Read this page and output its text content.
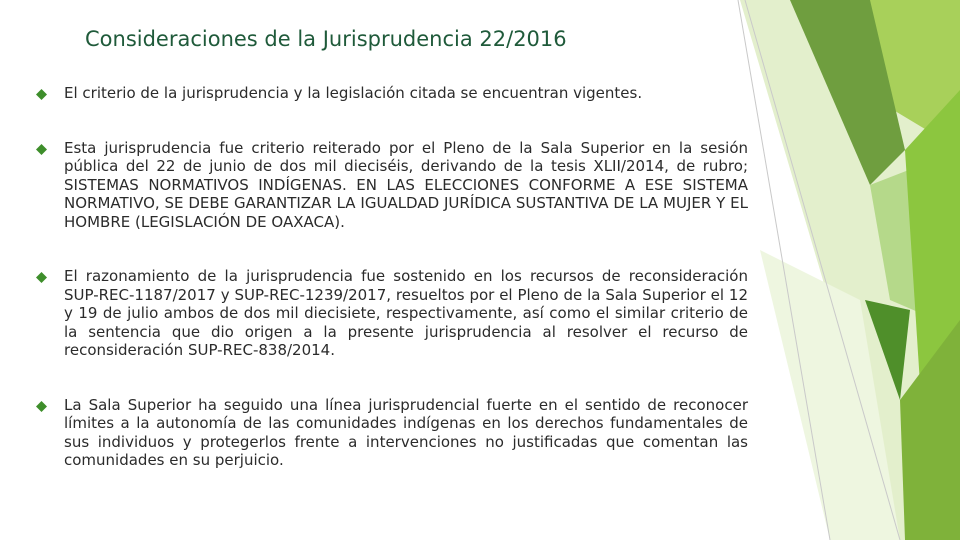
Consideraciones de la Jurisprudencia 22/2016
El criterio de la jurisprudencia y la legislación citada se encuentran vigentes.
Esta jurisprudencia fue criterio reiterado por el Pleno de la Sala Superior en la sesión pública del 22 de junio de dos mil dieciséis, derivando de la tesis XLII/2014, de rubro; SISTEMAS NORMATIVOS INDÍGENAS. EN LAS ELECCIONES CONFORME A ESE SISTEMA NORMATIVO, SE DEBE GARANTIZAR LA IGUALDAD JURÍDICA SUSTANTIVA DE LA MUJER Y EL HOMBRE (LEGISLACIÓN DE OAXACA).
El razonamiento de la jurisprudencia fue sostenido en los recursos de reconsideración SUP-REC-1187/2017 y SUP-REC-1239/2017, resueltos por el Pleno de la Sala Superior el 12 y 19 de julio ambos de dos mil diecisiete, respectivamente, así como el similar criterio de la sentencia que dio origen a la presente jurisprudencia al resolver el recurso de reconsideración SUP-REC-838/2014.
La Sala Superior ha seguido una línea jurisprudencial fuerte en el sentido de reconocer límites a la autonomía de las comunidades indígenas en los derechos fundamentales de sus individuos y protegerlos frente a intervenciones no justificadas que comentan las comunidades en su perjuicio.
